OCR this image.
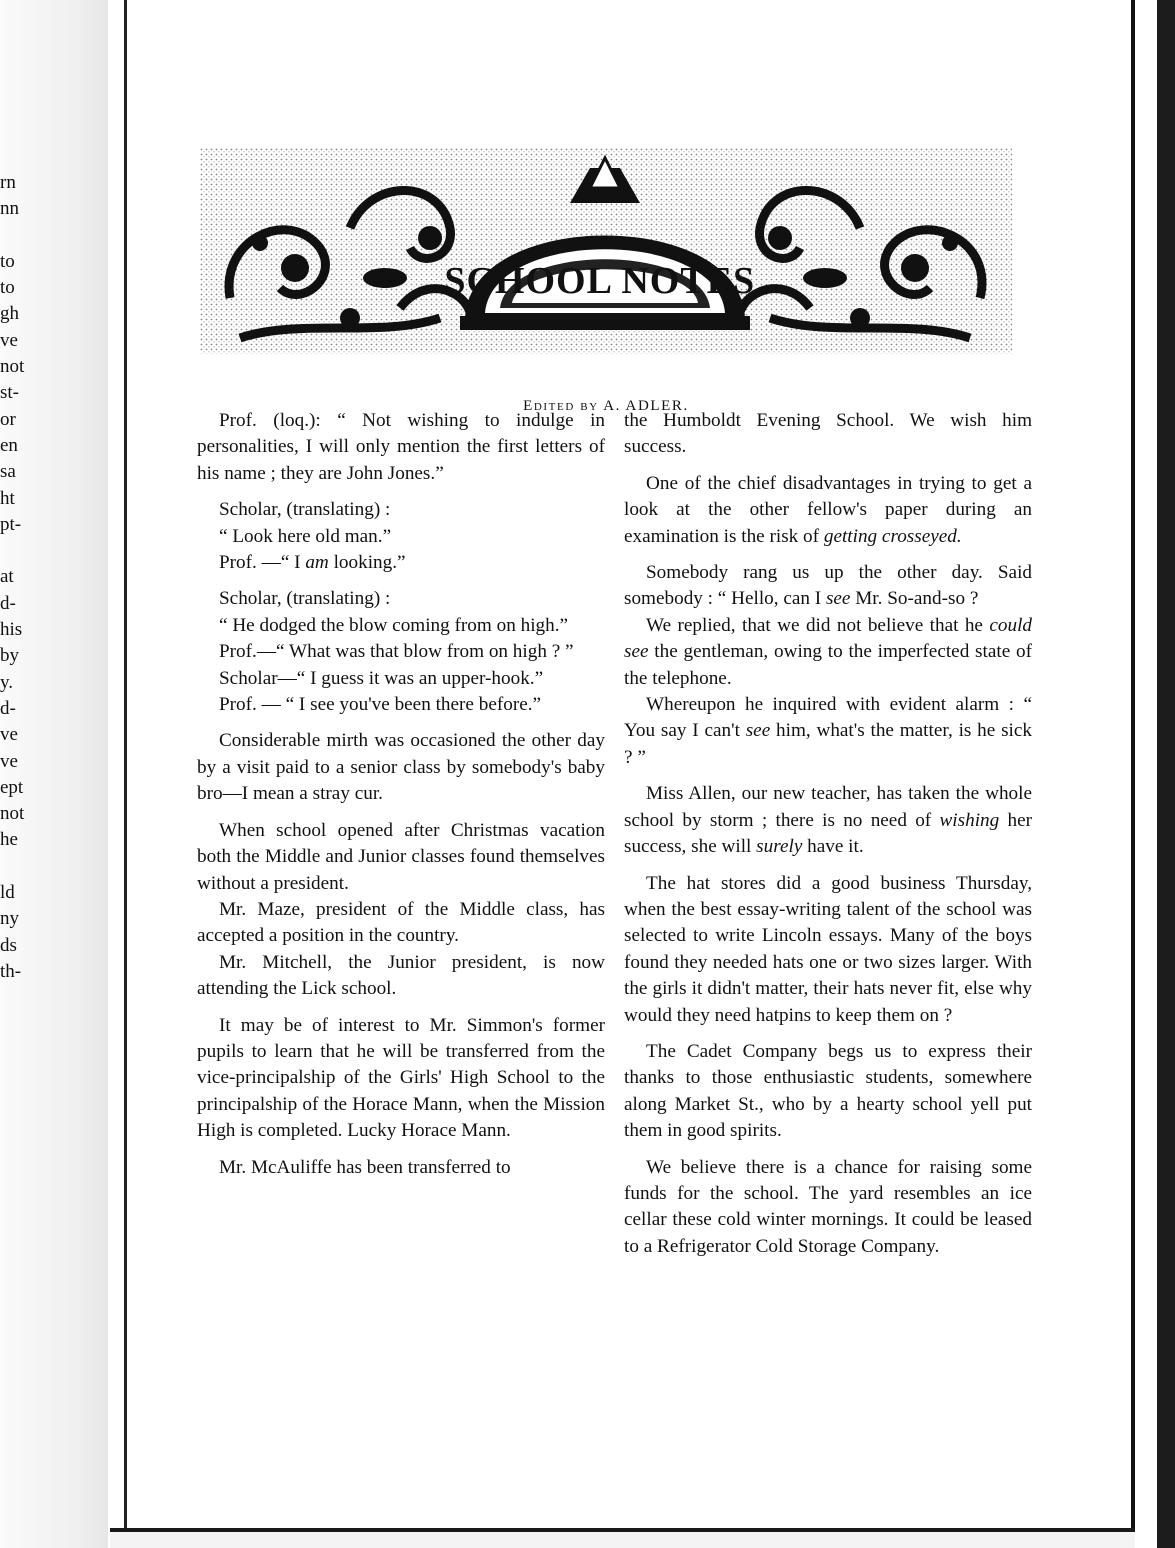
rn
nn
to
to
gh
ve
not
st-
or
en
sa
ht
pt-
at
d-
his
by
y.
d-
ve
ve
ept
not
he
ld
ny
ds
th-
SCHOOL NOTES.
Edited by A. ADLER.

Prof. (loq.): “ Not wishing to indulge in personalities, I will only mention the first letters of his name ; they are John Jones.”

Scholar, (translating) :

“ Look here old man.”

Prof. —“ I am looking.”

Scholar, (translating) :

“ He dodged the blow coming from on high.”

Prof.—“ What was that blow from on high ? ”

Scholar—“ I guess it was an upper-hook.”

Prof. — “ I see you've been there before.”

Considerable mirth was occasioned the other day by a visit paid to a senior class by somebody's baby bro—I mean a stray cur.

When school opened after Christmas vacation both the Middle and Junior classes found themselves without a president.

Mr. Maze, president of the Middle class, has accepted a position in the country.

Mr. Mitchell, the Junior president, is now attending the Lick school.

It may be of interest to Mr. Simmon's former pupils to learn that he will be transferred from the vice-principalship of the Girls' High School to the principalship of the Horace Mann, when the Mission High is completed. Lucky Horace Mann.

Mr. McAuliffe has been transferred to

the Humboldt Evening School. We wish him success.

One of the chief disadvantages in trying to get a look at the other fellow's paper during an examination is the risk of getting crosseyed.

Somebody rang us up the other day. Said somebody : “ Hello, can I see Mr. So-and-so ?

We replied, that we did not believe that he could see the gentleman, owing to the imperfected state of the telephone.

Whereupon he inquired with evident alarm : “ You say I can't see him, what's the matter, is he sick ? ”

Miss Allen, our new teacher, has taken the whole school by storm ; there is no need of wishing her success, she will surely have it.

The hat stores did a good business Thursday, when the best essay-writing talent of the school was selected to write Lincoln essays. Many of the boys found they needed hats one or two sizes larger. With the girls it didn't matter, their hats never fit, else why would they need hatpins to keep them on ?

The Cadet Company begs us to express their thanks to those enthusiastic students, somewhere along Market St., who by a hearty school yell put them in good spirits.

We believe there is a chance for raising some funds for the school. The yard resembles an ice cellar these cold winter mornings. It could be leased to a Refrigerator Cold Storage Company.
